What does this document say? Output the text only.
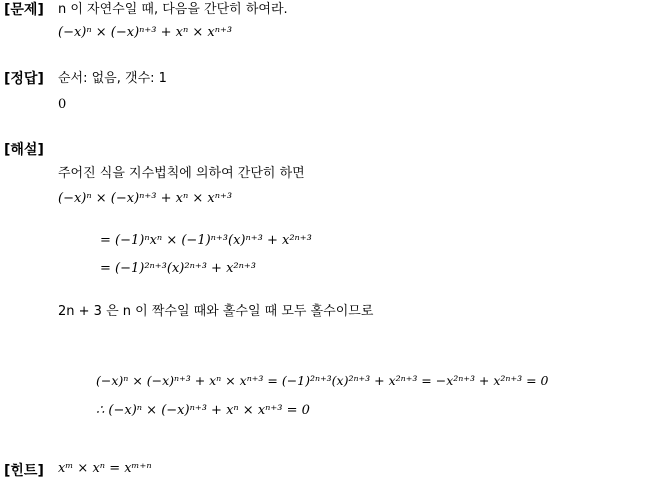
[문제] n 이 자연수일 때, 다음을 간단히 하여라.
(−x)ⁿ × (−x)ⁿ⁺³ + xⁿ × xⁿ⁺³
[정답] 순서: 없음, 갯수: 1
0
[해설]
주어진 식을 지수법칙에 의하여 간단히 하면
(−x)ⁿ × (−x)ⁿ⁺³ + xⁿ × xⁿ⁺³
= (−1)ⁿxⁿ × (−1)ⁿ⁺³(x)ⁿ⁺³ + x²ⁿ⁺³
= (−1)²ⁿ⁺³(x)²ⁿ⁺³ + x²ⁿ⁺³
2n + 3 은 n 이 짝수일 때와 홀수일 때 모두 홀수이므로
(−x)ⁿ × (−x)ⁿ⁺³ + xⁿ × xⁿ⁺³ = (−1)²ⁿ⁺³(x)²ⁿ⁺³ + x²ⁿ⁺³ = −x²ⁿ⁺³ + x²ⁿ⁺³ = 0
∴ (−x)ⁿ × (−x)ⁿ⁺³ + xⁿ × xⁿ⁺³ = 0
[힌트] xᵐ × xⁿ = xᵐ⁺ⁿ
